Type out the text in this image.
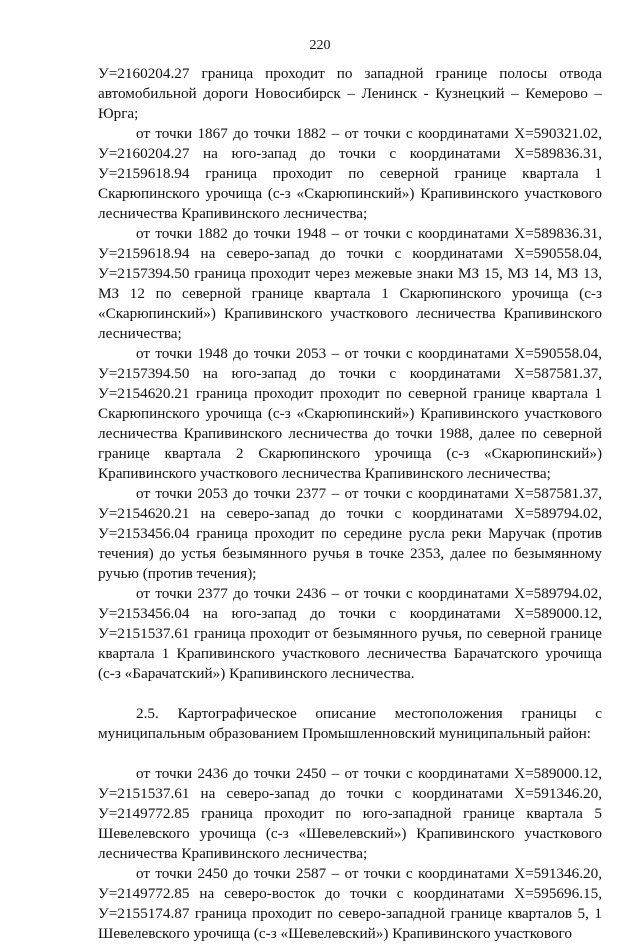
220

У=2160204.27 граница проходит по западной границе полосы отвода автомобильной дороги Новосибирск – Ленинск - Кузнецкий – Кемерово – Юрга;

от точки 1867 до точки 1882 – от точки с координатами Х=590321.02, У=2160204.27 на юго-запад до точки с координатами Х=589836.31, У=2159618.94 граница проходит по северной границе квартала 1 Скарюпинского урочища (с-з «Скарюпинский») Крапивинского участкового лесничества Крапивинского лесничества;

от точки 1882 до точки 1948 – от точки с координатами Х=589836.31, У=2159618.94 на северо-запад до точки с координатами Х=590558.04, У=2157394.50 граница проходит через межевые знаки МЗ 15, МЗ 14, МЗ 13, МЗ 12 по северной границе квартала 1 Скарюпинского урочища (с-з «Скарюпинский») Крапивинского участкового лесничества Крапивинского лесничества;

от точки 1948 до точки 2053 – от точки с координатами Х=590558.04, У=2157394.50 на юго-запад до точки с координатами Х=587581.37, У=2154620.21 граница проходит проходит по северной границе квартала 1 Скарюпинского урочища (с-з «Скарюпинский») Крапивинского участкового лесничества Крапивинского лесничества до точки 1988, далее по северной границе квартала 2 Скарюпинского урочища (с-з «Скарюпинский») Крапивинского участкового лесничества Крапивинского лесничества;

от точки 2053 до точки 2377 – от точки с координатами Х=587581.37, У=2154620.21 на северо-запад до точки с координатами Х=589794.02, У=2153456.04 граница проходит по середине русла реки Маручак (против течения) до устья безымянного ручья в точке 2353, далее по безымянному ручью (против течения);

от точки 2377 до точки 2436 – от точки с координатами Х=589794.02, У=2153456.04 на юго-запад до точки с координатами Х=589000.12, У=2151537.61 граница проходит от безымянного ручья, по северной границе квартала 1 Крапивинского участкового лесничества Барачатского урочища (с-з «Барачатский») Крапивинского лесничества.

2.5. Картографическое описание местоположения границы с муниципальным образованием Промышленновский муниципальный район:

от точки 2436 до точки 2450 – от точки с координатами Х=589000.12, У=2151537.61 на северо-запад до точки с координатами Х=591346.20, У=2149772.85 граница проходит по юго-западной границе квартала 5 Шевелевского урочища (с-з «Шевелевский») Крапивинского участкового лесничества Крапивинского лесничества;

от точки 2450 до точки 2587 – от точки с координатами Х=591346.20, У=2149772.85 на северо-восток до точки с координатами Х=595696.15, У=2155174.87 граница проходит по северо-западной границе кварталов 5, 1 Шевелевского урочища (с-з «Шевелевский») Крапивинского участкового
